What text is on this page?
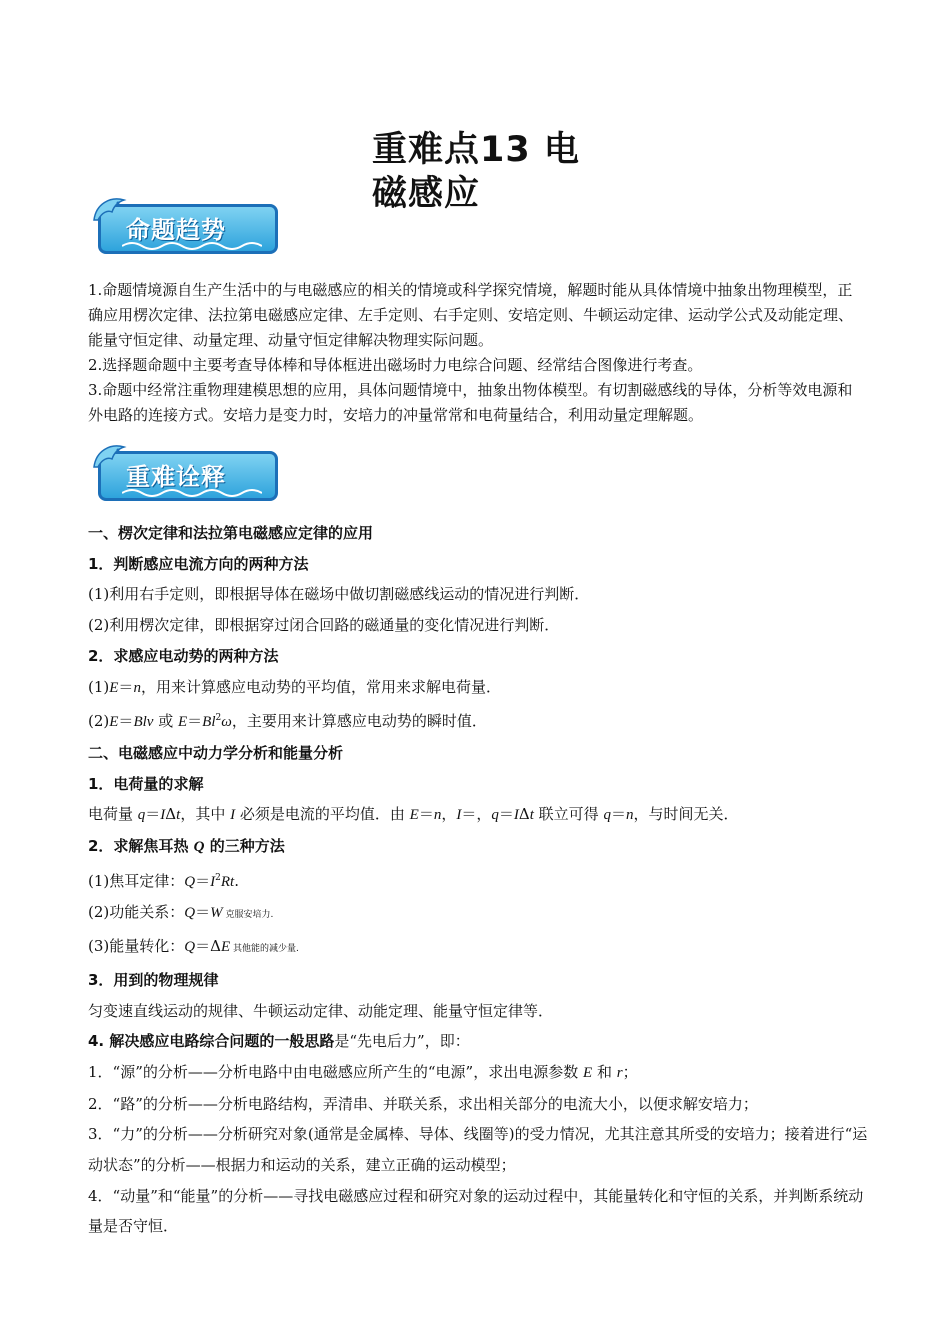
重难点13 电
磁感应
命题趋势

1.命题情境源自生产生活中的与电磁感应的相关的情境或科学探究情境，解题时能从具体情境中抽象出物理模型，正确应用楞次定律、法拉第电磁感应定律、左手定则、右手定则、安培定则、牛顿运动定律、运动学公式及动能定理、能量守恒定律、动量定理、动量守恒定律解决物理实际问题。

2.选择题命题中主要考查导体棒和导体框进出磁场时力电综合问题、经常结合图像进行考查。

3.命题中经常注重物理建模思想的应用，具体问题情境中，抽象出物体模型。有切割磁感线的导体，分析等效电源和外电路的连接方式。安培力是变力时，安培力的冲量常常和电荷量结合，利用动量定理解题。

重难诠释

一、楞次定律和法拉第电磁感应定律的应用

1．判断感应电流方向的两种方法

(1)利用右手定则，即根据导体在磁场中做切割磁感线运动的情况进行判断．

(2)利用楞次定律，即根据穿过闭合回路的磁通量的变化情况进行判断．

2．求感应电动势的两种方法

(1)E＝n，用来计算感应电动势的平均值，常用来求解电荷量．

(2)E＝Blv 或 $E=Bl^2\omega$，主要用来计算感应电动势的瞬时值．

二、电磁感应中动力学分析和能量分析

1．电荷量的求解

电荷量 q＝IΔt，其中 I 必须是电流的平均值．由 E＝n，I＝，q＝IΔt 联立可得 q＝n，与时间无关．

2．求解焦耳热 Q 的三种方法

(1)焦耳定律：$Q=I^2Rt$.

(2)功能关系：Q＝W 克服安培力.

(3)能量转化：Q＝ΔE 其他能的减少量.

3．用到的物理规律

匀变速直线运动的规律、牛顿运动定律、动能定理、能量守恒定律等．

4. 解决感应电路综合问题的一般思路是“先电后力”，即：

1．“源”的分析——分析电路中由电磁感应所产生的“电源”，求出电源参数 E 和 r；

2．“路”的分析——分析电路结构，弄清串、并联关系，求出相关部分的电流大小，以便求解安培力；

3．“力”的分析——分析研究对象(通常是金属棒、导体、线圈等)的受力情况，尤其注意其所受的安培力；接着进行“运动状态”的分析——根据力和运动的关系，建立正确的运动模型；

4．“动量”和“能量”的分析——寻找电磁感应过程和研究对象的运动过程中，其能量转化和守恒的关系，并判断系统动量是否守恒．
